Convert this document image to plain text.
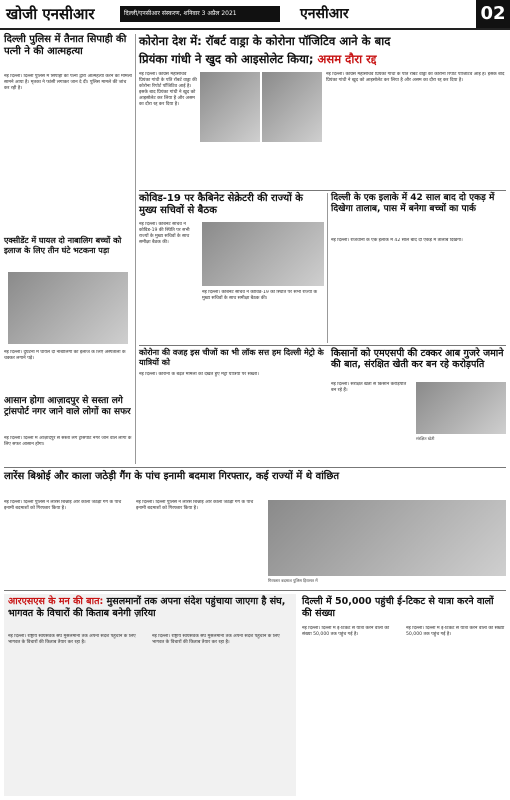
खोजी एनसीआर	दिल्ली/एनसीआर संस्करण, शनिवार 3 अप्रैल 2021	एनसीआर	02
दिल्ली पुलिस में तैनात सिपाही की पत्नी ने की आत्महत्या
नई दिल्ली। दिल्ली पुलिस में सिपाही की पत्नी द्वारा आत्महत्या करने का मामला सामने आया है। मृतका ने फांसी लगाकर जान दे दी। पुलिस मामले की जांच कर रही है।
एक्सीडेंट में घायल दो नाबालिग बच्चों को इलाज के लिए तीन घंटे भटकना पड़ा
नई दिल्ली। दुर्घटना में घायल दो नाबालिगों को इलाज के लिए अस्पतालों के चक्कर लगाने पड़े।
आसान होगा आज़ादपुर से सस्ता लगे ट्रांसपोर्ट नगर जाने वाले लोगों का सफर
नई दिल्ली। दिल्ली में आज़ादपुर से सस्ता लगे ट्रांसपोर्ट नगर जाने वाले लोगों के लिए सफर आसान होगा।
कोरोना देश में: रॉबर्ट वाड्रा के कोरोना पॉजिटिव आने के बाद
प्रियंका गांधी ने खुद को आइसोलेट किया; असम दौरा रद्द
नई दिल्ली। कांग्रेस महासचिव प्रियंका गांधी के पति रॉबर्ट वाड्रा की कोरोना रिपोर्ट पॉजिटिव आई है। इसके बाद प्रियंका गांधी ने खुद को आइसोलेट कर लिया है और असम का दौरा रद्द कर दिया है।
नई दिल्ली। कांग्रेस महासचिव प्रियंका गांधी के पति रॉबर्ट वाड्रा की कोरोना रिपोर्ट पॉजिटिव आई है। इसके बाद प्रियंका गांधी ने खुद को आइसोलेट कर लिया है और असम का दौरा रद्द कर दिया है।
कोविड-19 पर कैबिनेट सेक्रेटरी की राज्यों के मुख्य सचिवों से बैठक
नई दिल्ली। कैबिनेट सचिव ने कोविड-19 की स्थिति पर सभी राज्यों के मुख्य सचिवों के साथ समीक्षा बैठक की।
नई दिल्ली। कैबिनेट सचिव ने कोविड-19 की स्थिति पर सभी राज्यों के मुख्य सचिवों के साथ समीक्षा बैठक की।
दिल्ली के एक इलाके में 42 साल बाद दो एकड़ में दिखेगा तालाब, पास में बनेगा बच्चों का पार्क
नई दिल्ली। राजधानी के एक इलाके में 42 साल बाद दो एकड़ में तालाब दिखेगा।
कोरोना की वजह इस चीजों का भी लॉक सत्त हम दिल्ली मेट्रो के यात्रियों को
नई दिल्ली। कोरोना के बढ़ते मामलों को देखते हुए मेट्रो यात्रियों पर सख्ती।
किसानों को एमएसपी की टक्कर आब गुजरे जमाने की बात, संरक्षित खेती कर बन रहे करोड़पति
नई दिल्ली। संरक्षित खेती से किसान करोड़पति बन रहे हैं।
संरक्षित खेती
लारेंस बिश्नोई और काला जठेड़ी गैंग के पांच इनामी बदमाश गिरफ्तार, कई राज्यों में थे वांछित
नई दिल्ली। दिल्ली पुलिस ने लारेंस बिश्नोई और काला जठेड़ी गैंग के पांच इनामी बदमाशों को गिरफ्तार किया है।
नई दिल्ली। दिल्ली पुलिस ने लारेंस बिश्नोई और काला जठेड़ी गैंग के पांच इनामी बदमाशों को गिरफ्तार किया है।
गिरफ्तार बदमाश पुलिस हिरासत में
आरएसएस के मन की बात: मुसलमानों तक अपना संदेश पहुंचाया जाएगा है संघ, भागवत के विचारों की किताब बनेगी ज़रिया
नई दिल्ली। राष्ट्रीय स्वयंसेवक संघ मुसलमानों तक अपना संदेश पहुंचाने के लिए भागवत के विचारों की किताब तैयार कर रहा है।
नई दिल्ली। राष्ट्रीय स्वयंसेवक संघ मुसलमानों तक अपना संदेश पहुंचाने के लिए भागवत के विचारों की किताब तैयार कर रहा है।
दिल्ली में 50,000 पहुंची ई-टिकट से यात्रा करने वालों की संख्या
नई दिल्ली। दिल्ली में ई-टिकट से यात्रा करने वालों की संख्या 50,000 तक पहुंच गई है।
नई दिल्ली। दिल्ली में ई-टिकट से यात्रा करने वालों की संख्या 50,000 तक पहुंच गई है।
